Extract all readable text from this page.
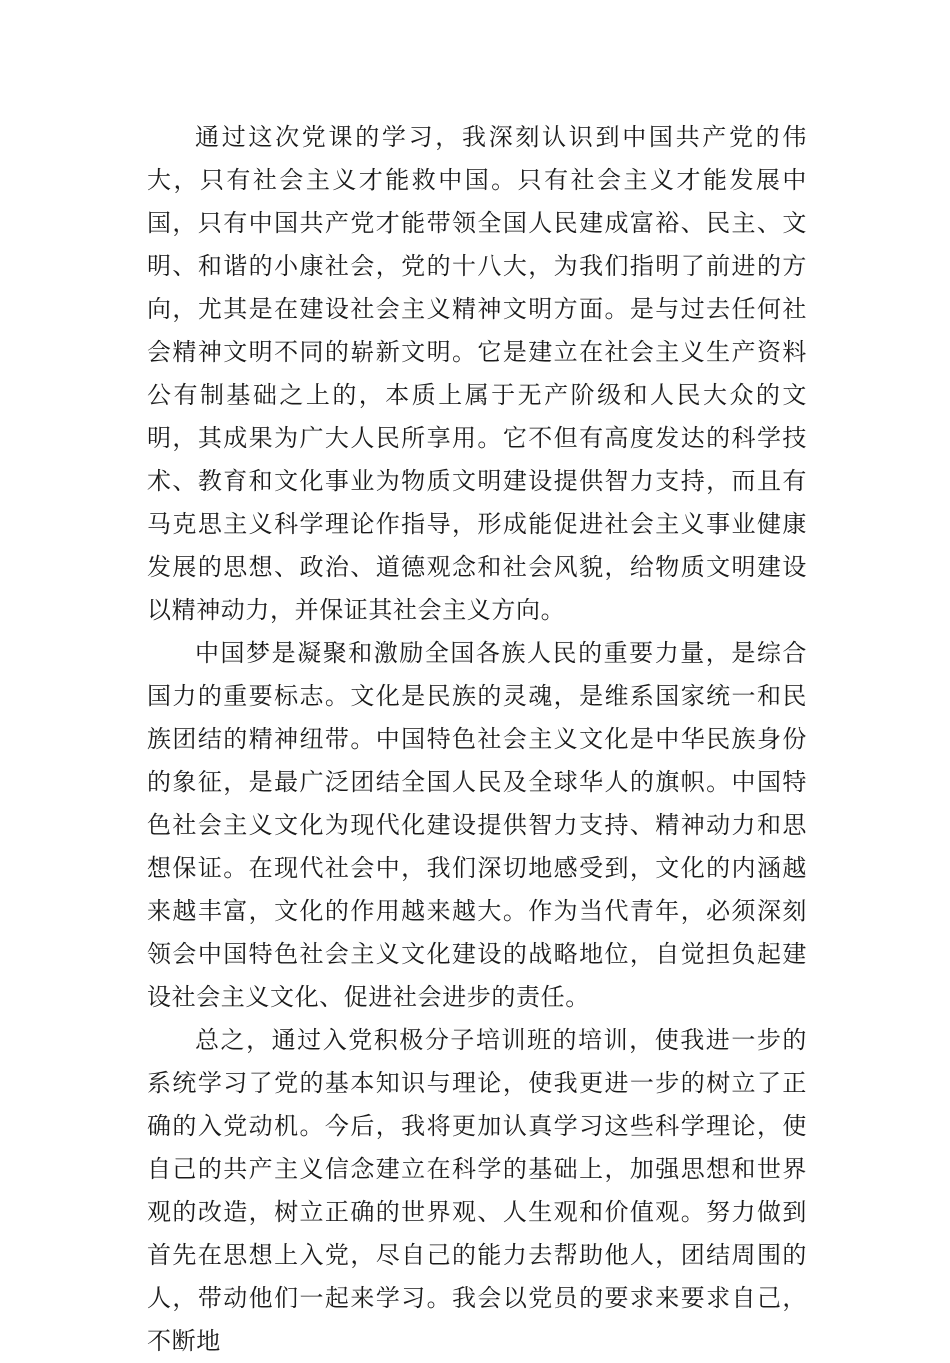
通过这次党课的学习，我深刻认识到中国共产党的伟大，只有社会主义才能救中国。只有社会主义才能发展中国，只有中国共产党才能带领全国人民建成富裕、民主、文明、和谐的小康社会，党的十八大，为我们指明了前进的方向，尤其是在建设社会主义精神文明方面。是与过去任何社会精神文明不同的崭新文明。它是建立在社会主义生产资料公有制基础之上的，本质上属于无产阶级和人民大众的文明，其成果为广大人民所享用。它不但有高度发达的科学技术、教育和文化事业为物质文明建设提供智力支持，而且有马克思主义科学理论作指导，形成能促进社会主义事业健康发展的思想、政治、道德观念和社会风貌，给物质文明建设以精神动力，并保证其社会主义方向。

中国梦是凝聚和激励全国各族人民的重要力量，是综合国力的重要标志。文化是民族的灵魂，是维系国家统一和民族团结的精神纽带。中国特色社会主义文化是中华民族身份的象征，是最广泛团结全国人民及全球华人的旗帜。中国特色社会主义文化为现代化建设提供智力支持、精神动力和思想保证。在现代社会中，我们深切地感受到，文化的内涵越来越丰富，文化的作用越来越大。作为当代青年，必须深刻领会中国特色社会主义文化建设的战略地位，自觉担负起建设社会主义文化、促进社会进步的责任。

总之，通过入党积极分子培训班的培训，使我进一步的系统学习了党的基本知识与理论，使我更进一步的树立了正确的入党动机。今后，我将更加认真学习这些科学理论，使自己的共产主义信念建立在科学的基础上，加强思想和世界观的改造，树立正确的世界观、人生观和价值观。努力做到首先在思想上入党，尽自己的能力去帮助他人，团结周围的人，带动他们一起来学习。我会以党员的要求来要求自己，不断地
